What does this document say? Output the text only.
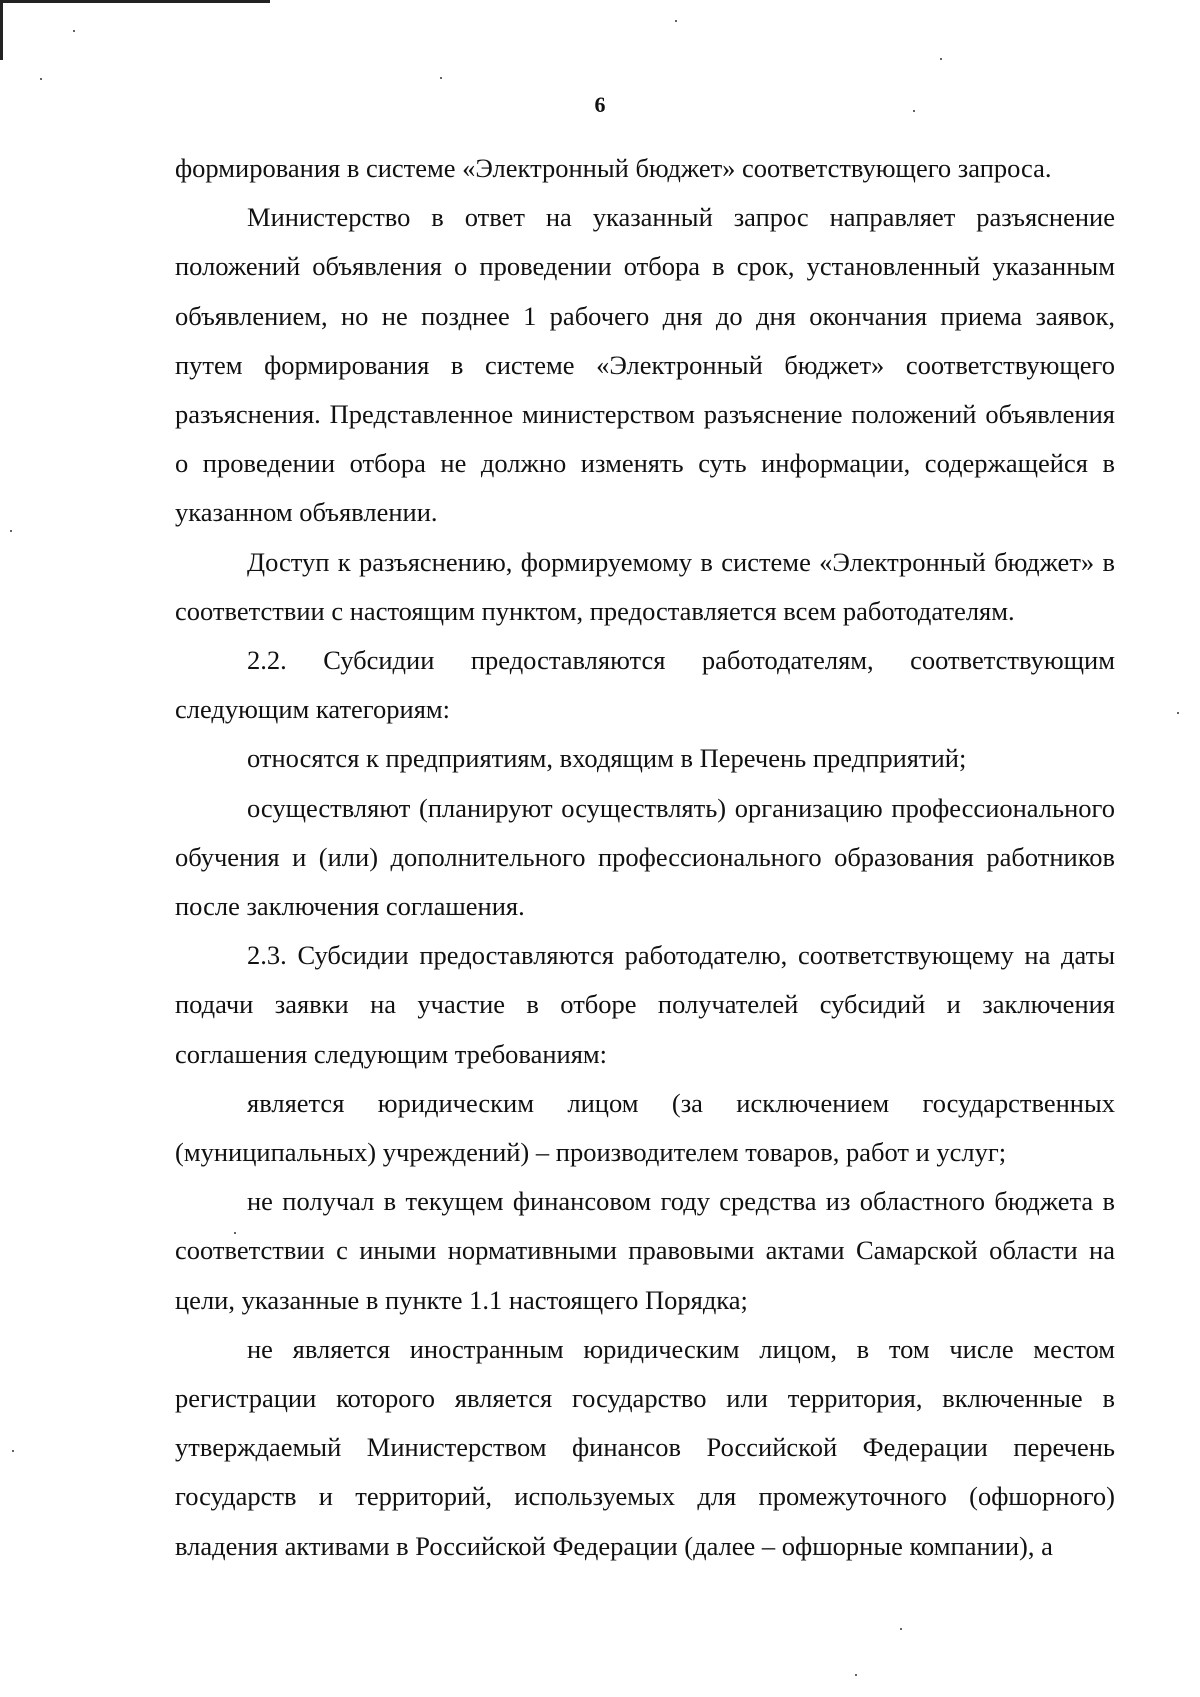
6

формирования в системе «Электронный бюджет» соответствующего запроса.

Министерство в ответ на указанный запрос направляет разъяснение положений объявления о проведении отбора в срок, установленный указанным объявлением, но не позднее 1 рабочего дня до дня окончания приема заявок, путем формирования в системе «Электронный бюджет» соответствующего разъяснения. Представленное министерством разъяснение положений объявления о проведении отбора не должно изменять суть информации, содержащейся в указанном объявлении.

Доступ к разъяснению, формируемому в системе «Электронный бюджет» в соответствии с настоящим пунктом, предоставляется всем работодателям.

2.2. Субсидии предоставляются работодателям, соответствующим следующим категориям:

относятся к предприятиям, входящим в Перечень предприятий;

осуществляют (планируют осуществлять) организацию профессионального обучения и (или) дополнительного профессионального образования работников после заключения соглашения.

2.3. Субсидии предоставляются работодателю, соответствующему на даты подачи заявки на участие в отборе получателей субсидий и заключения соглашения следующим требованиям:

является юридическим лицом (за исключением государственных (муниципальных) учреждений) – производителем товаров, работ и услуг;

не получал в текущем финансовом году средства из областного бюджета в соответствии с иными нормативными правовыми актами Самарской области на цели, указанные в пункте 1.1 настоящего Порядка;

не является иностранным юридическим лицом, в том числе местом регистрации которого является государство или территория, включенные в утверждаемый Министерством финансов Российской Федерации перечень государств и территорий, используемых для промежуточного (офшорного) владения активами в Российской Федерации (далее – офшорные компании), а
